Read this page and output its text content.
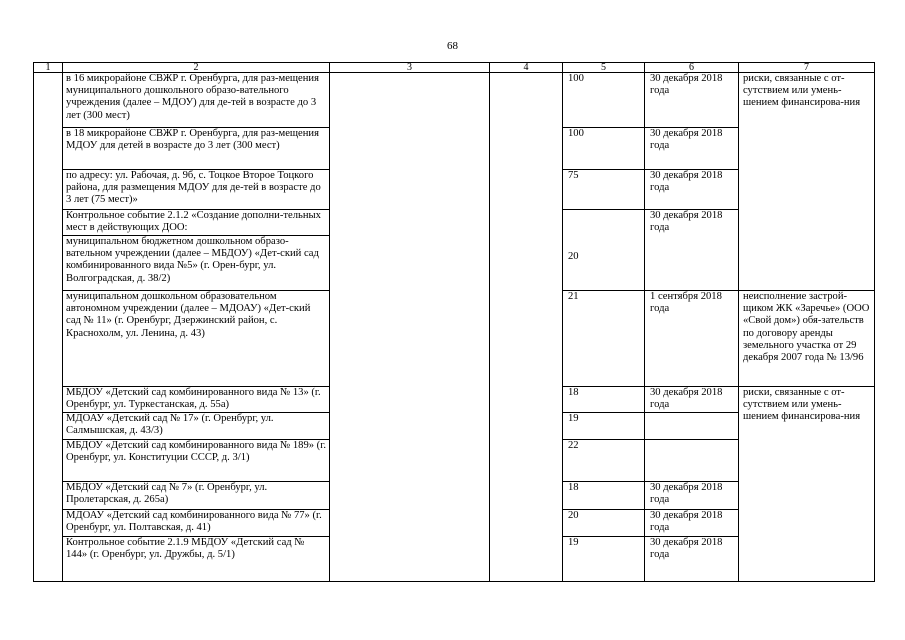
68
1	2	3	4	5	6	7
	в 16 микрорайоне СВЖР г. Оренбурга, для раз-мещения муниципального дошкольного образо-вательного учреждения (далее – МДОУ) для де-тей в возрасте до 3 лет (300 мест)			100	30 декабря 2018 года	риски, связанные с от-сутствием или умень-шением финансирова-ния
	в 18 микрорайоне СВЖР г. Оренбурга, для раз-мещения МДОУ для детей в возрасте до 3 лет (300 мест)			100	30 декабря 2018 года	
	по адресу: ул. Рабочая, д. 9б, с. Тоцкое Второе Тоцкого района, для размещения МДОУ для де-тей в возрасте до 3 лет (75 мест)»			75	30 декабря 2018 года	
	Контрольное событие 2.1.2 «Создание дополни-тельных мест в действующих ДОО:			20	30 декабря 2018 года	
	муниципальном бюджетном дошкольном образо-вательном учреждении (далее – МБДОУ) «Дет-ский сад комбинированного вида №5» (г. Орен-бург, ул. Волгоградская, д. 38/2)					
	муниципальном дошкольном образовательном автономном учреждении (далее – МДОАУ) «Дет-ский сад № 11» (г. Оренбург, Дзержинский район, с. Краснохолм, ул. Ленина, д. 43)			21	1 сентября 2018 года	неисполнение застрой-щиком ЖК «Заречье» (ООО «Свой дом») обя-зательств по договору аренды земельного участка от 29 декабря 2007 года № 13/96
	МБДОУ «Детский сад комбинированного вида № 13» (г. Оренбург, ул. Туркестанская, д. 55а)			18	30 декабря 2018 года	риски, связанные с от-сутствием или умень-шением финансирова-ния
	МДОАУ «Детский сад № 17» (г. Оренбург, ул. Салмышская, д. 43/3)			19		
	МБДОУ «Детский сад комбинированного вида № 189» (г. Оренбург, ул. Конституции СССР, д. 3/1)			22		
	МБДОУ «Детский сад № 7» (г. Оренбург, ул. Пролетарская, д. 265а)			18	30 декабря 2018 года	
	МДОАУ «Детский сад комбинированного вида № 77» (г. Оренбург, ул. Полтавская, д. 41)			20	30 декабря 2018 года	
	Контрольное событие 2.1.9 МБДОУ «Детский сад № 144» (г. Оренбург, ул. Дружбы, д. 5/1)			19	30 декабря 2018 года	
